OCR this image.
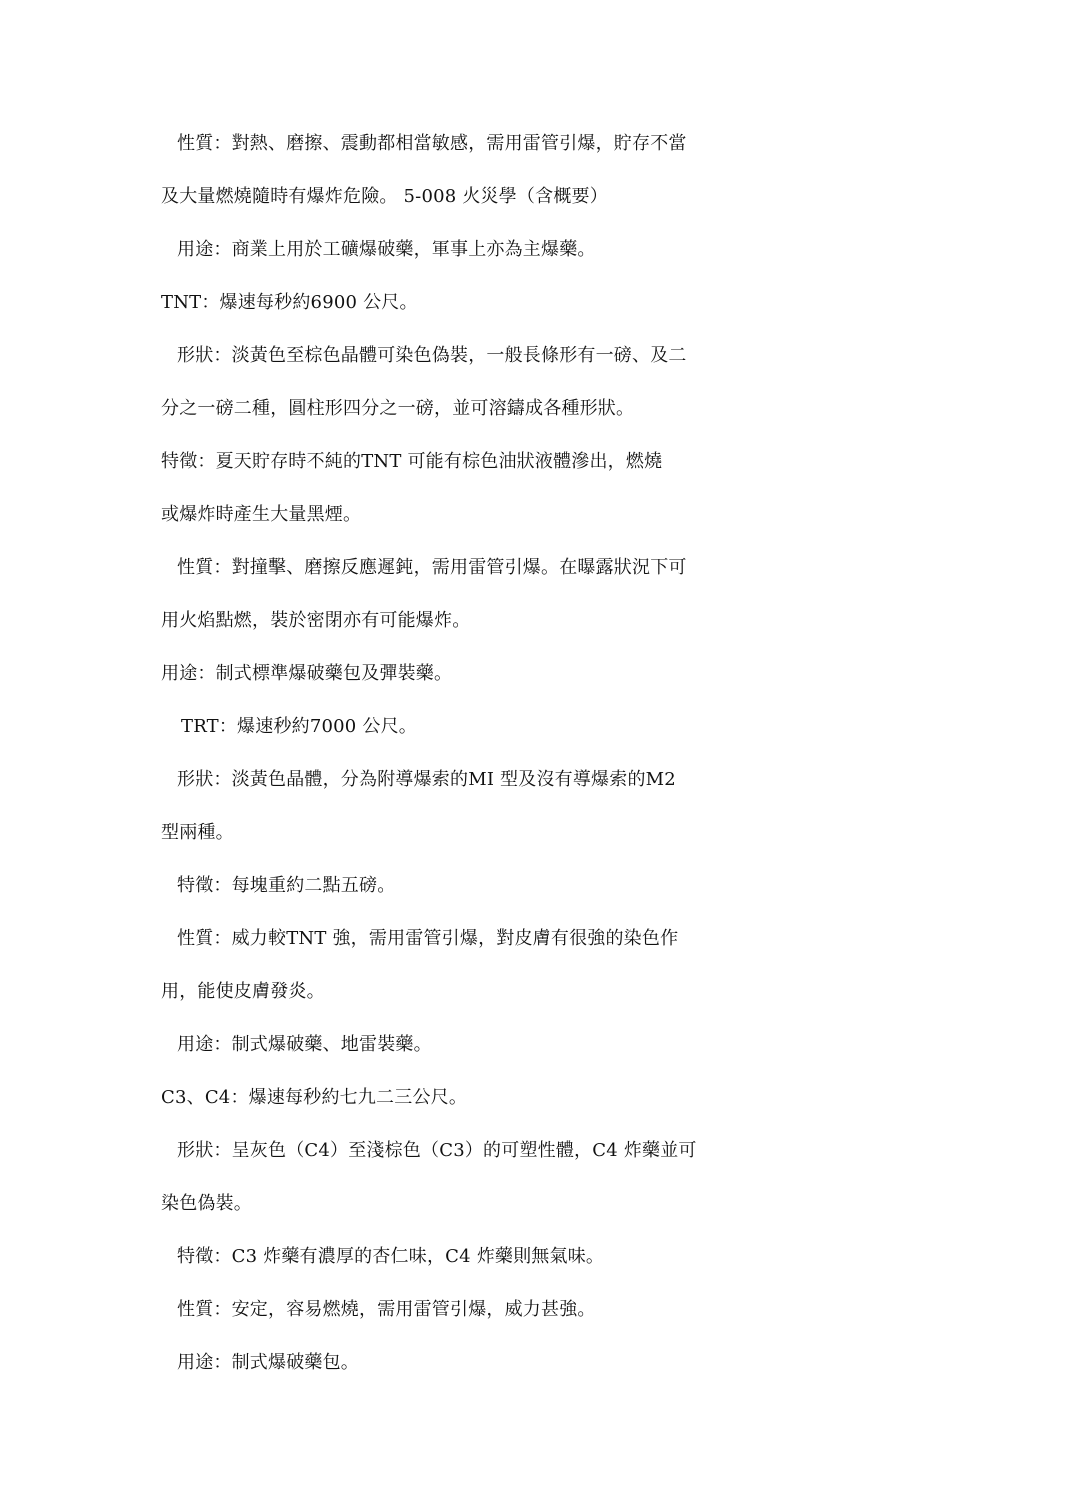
性質：對熱、磨擦、震動都相當敏感，需用雷管引爆，貯存不當
及大量燃燒隨時有爆炸危險。 5-008 火災學（含概要）
用途：商業上用於工礦爆破藥，軍事上亦為主爆藥。
TNT：爆速每秒約6900 公尺。
形狀：淡黃色至棕色晶體可染色偽裝，一般長條形有一磅、及二
分之一磅二種，圓柱形四分之一磅，並可溶鑄成各種形狀。
特徵：夏天貯存時不純的TNT 可能有棕色油狀液體滲出，燃燒
或爆炸時產生大量黑煙。
性質：對撞擊、磨擦反應遲鈍，需用雷管引爆。在曝露狀況下可
用火焰點燃，裝於密閉亦有可能爆炸。
用途：制式標準爆破藥包及彈裝藥。
TRT：爆速秒約7000 公尺。
形狀：淡黃色晶體，分為附導爆索的MI 型及沒有導爆索的M2
型兩種。
特徵：每塊重約二點五磅。
性質：威力較TNT 強，需用雷管引爆，對皮膚有很強的染色作
用，能使皮膚發炎。
用途：制式爆破藥、地雷裝藥。
C3、C4：爆速每秒約七九二三公尺。
形狀：呈灰色（C4）至淺棕色（C3）的可塑性體，C4 炸藥並可
染色偽裝。
特徵：C3 炸藥有濃厚的杏仁味，C4 炸藥則無氣味。
性質：安定，容易燃燒，需用雷管引爆，威力甚強。
用途：制式爆破藥包。
